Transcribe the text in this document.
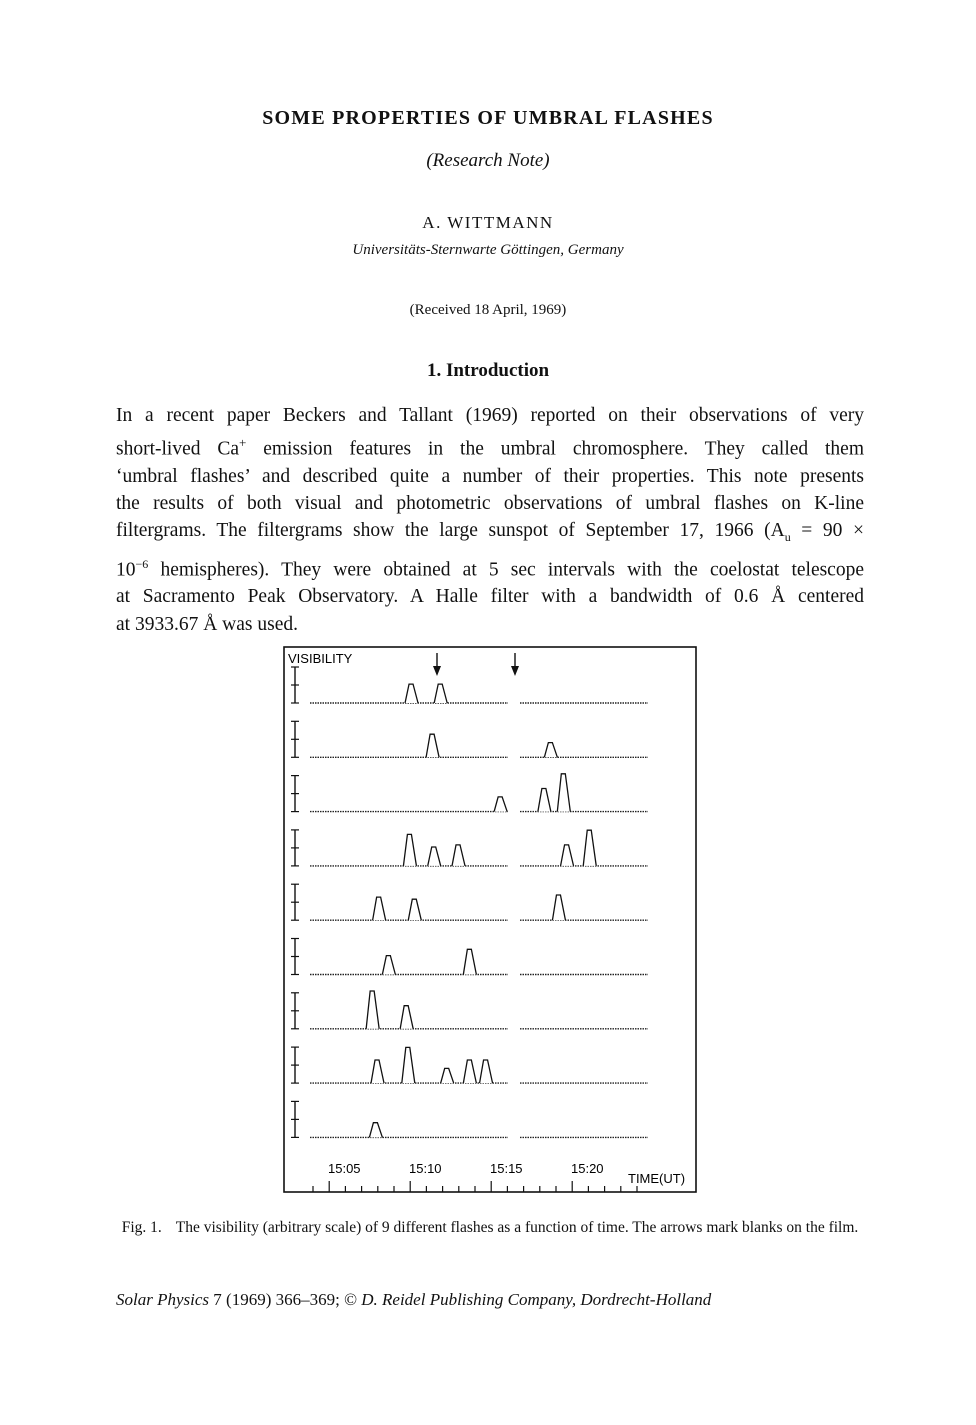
SOME PROPERTIES OF UMBRAL FLASHES
(Research Note)
A. WITTMANN
Universitäts-Sternwarte Göttingen, Germany
(Received 18 April, 1969)
1. Introduction
In a recent paper Beckers and Tallant (1969) reported on their observations of very
short-lived Ca+ emission features in the umbral chromosphere. They called them
‘umbral flashes’ and described quite a number of their properties. This note presents
the results of both visual and photometric observations of umbral flashes on K-line
filtergrams. The filtergrams show the large sunspot of September 17, 1966 ($A_u = 90$ ×
$10^{-6}$ hemispheres). They were obtained at 5 sec intervals with the coelostat telescope
at Sacramento Peak Observatory. A Halle filter with a bandwidth of 0.6 Å centered
at 3933.67 Å was used.
VISIBILITY
TIME(UT)
15:05	15:10	15:15	15:20
Fig. 1. The visibility (arbitrary scale) of 9 different flashes as a function of time. The arrows mark blanks on the film.
Solar Physics 7 (1969) 366–369; © D. Reidel Publishing Company, Dordrecht-Holland
